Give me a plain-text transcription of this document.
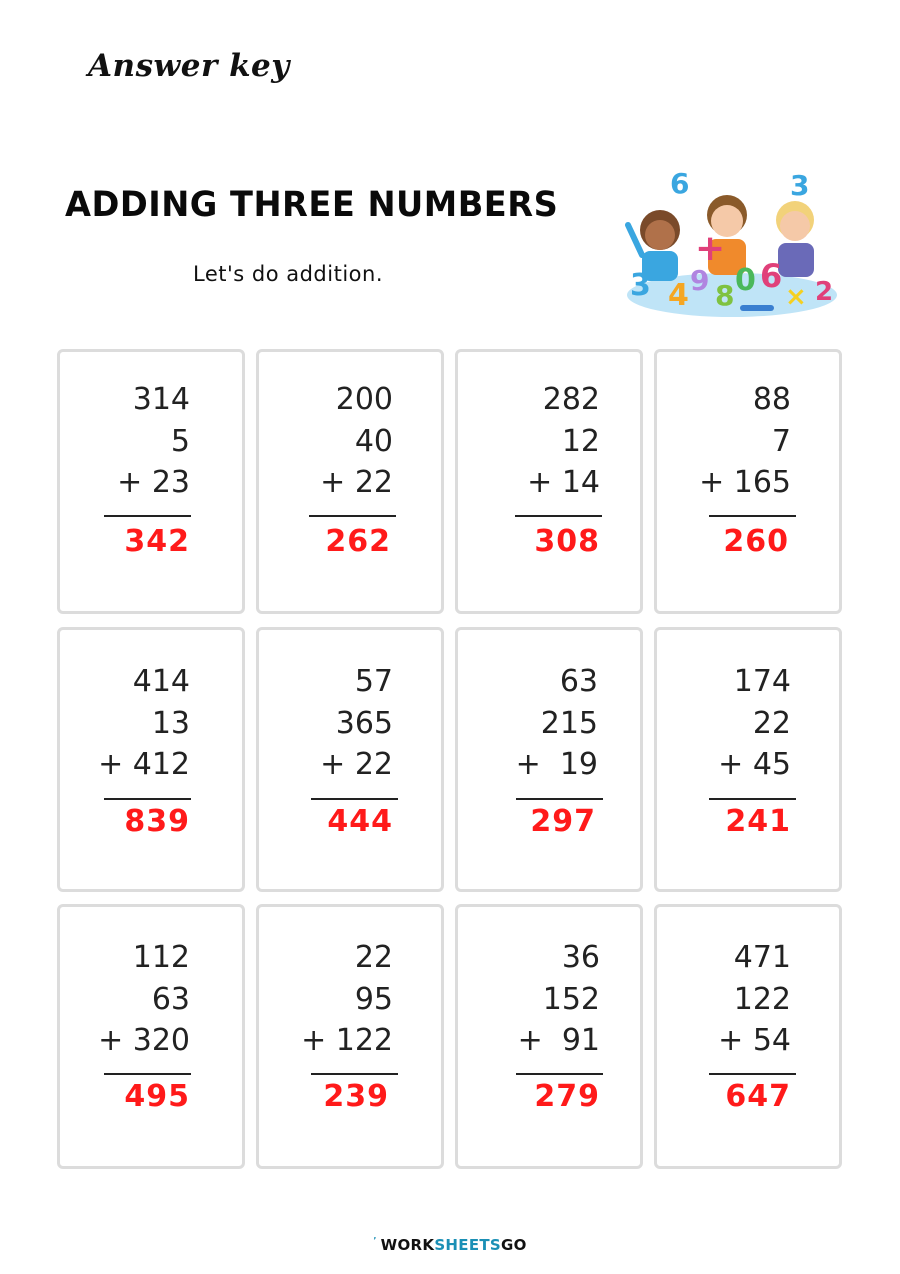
Answer key
ADDING THREE NUMBERS
Let's do addition.
6	3
+
3 4 9 8 0 6
× 2
314
5
+ 23
342
200
40
+ 22
262
282
12
+ 14
308
88
7
+ 165
260
414
13
+ 412
839
57
365
+ 22
444
63
215
+  19
297
174
22
+ 45
241
112
63
+ 320
495
22
95
+ 122
239
36
152
+  91
279
471
122
+ 54
647
’ WORKSHEETSGO
